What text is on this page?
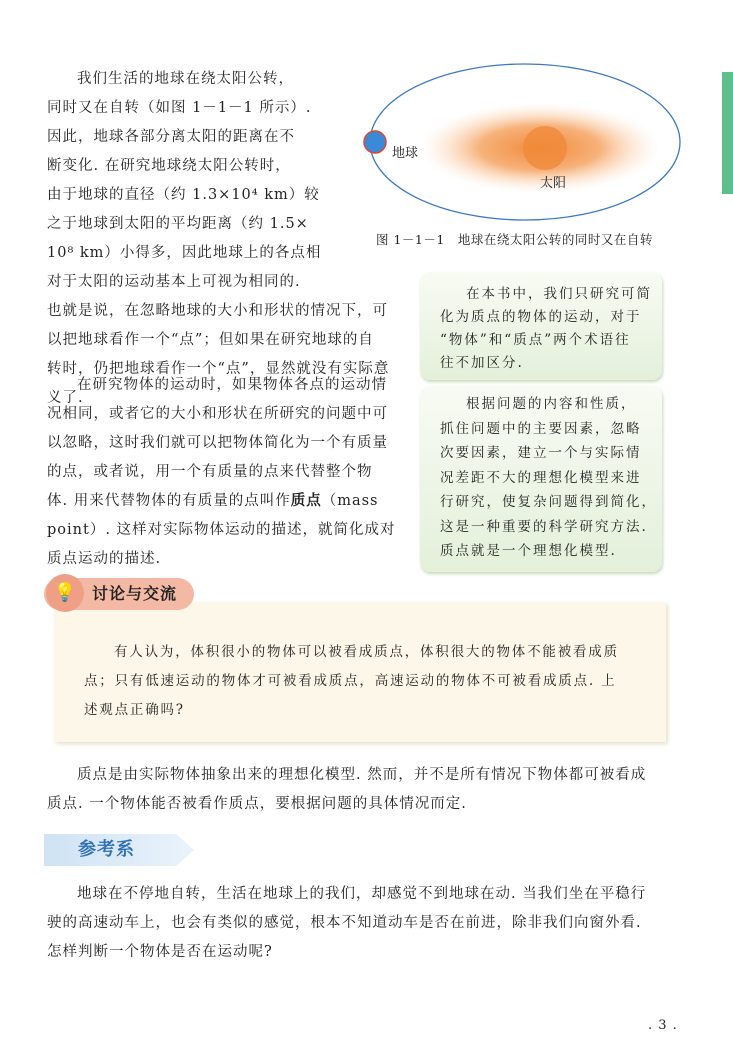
我们生活的地球在绕太阳公转，
同时又在自转（如图 1－1－1 所示）.
因此，地球各部分离太阳的距离在不
断变化. 在研究地球绕太阳公转时，
由于地球的直径（约 1.3×10⁴ km）较
之于地球到太阳的平均距离（约 1.5×
10⁸ km）小得多，因此地球上的各点相
对于太阳的运动基本上可视为相同的.
也就是说，在忽略地球的大小和形状的情况下，可
以把地球看作一个“点”；但如果在研究地球的自
转时，仍把地球看作一个“点”，显然就没有实际意
义了.
在研究物体的运动时，如果物体各点的运动情
况相同，或者它的大小和形状在所研究的问题中可
以忽略，这时我们就可以把物体简化为一个有质量
的点，或者说，用一个有质量的点来代替整个物
体. 用来代替物体的有质量的点叫作质点（mass
point）. 这样对实际物体运动的描述，就简化成对
质点运动的描述.
地球
太阳
图 1－1－1　地球在绕太阳公转的同时又在自转
在本书中，我们只研究可简
化为质点的物体的运动，对于
“物体”和“质点”两个术语往
往不加区分.
根据问题的内容和性质，
抓住问题中的主要因素，忽略
次要因素，建立一个与实际情
况差距不大的理想化模型来进
行研究，使复杂问题得到简化，
这是一种重要的科学研究方法.
质点就是一个理想化模型.
有人认为，体积很小的物体可以被看成质点，体积很大的物体不能被看成质
点；只有低速运动的物体才可被看成质点，高速运动的物体不可被看成质点. 上
述观点正确吗?
💡 讨论与交流
质点是由实际物体抽象出来的理想化模型. 然而，并不是所有情况下物体都可被看成
质点. 一个物体能否被看作质点，要根据问题的具体情况而定.
参考系
地球在不停地自转，生活在地球上的我们，却感觉不到地球在动. 当我们坐在平稳行
驶的高速动车上，也会有类似的感觉，根本不知道动车是否在前进，除非我们向窗外看.
怎样判断一个物体是否在运动呢?
. 3 .
